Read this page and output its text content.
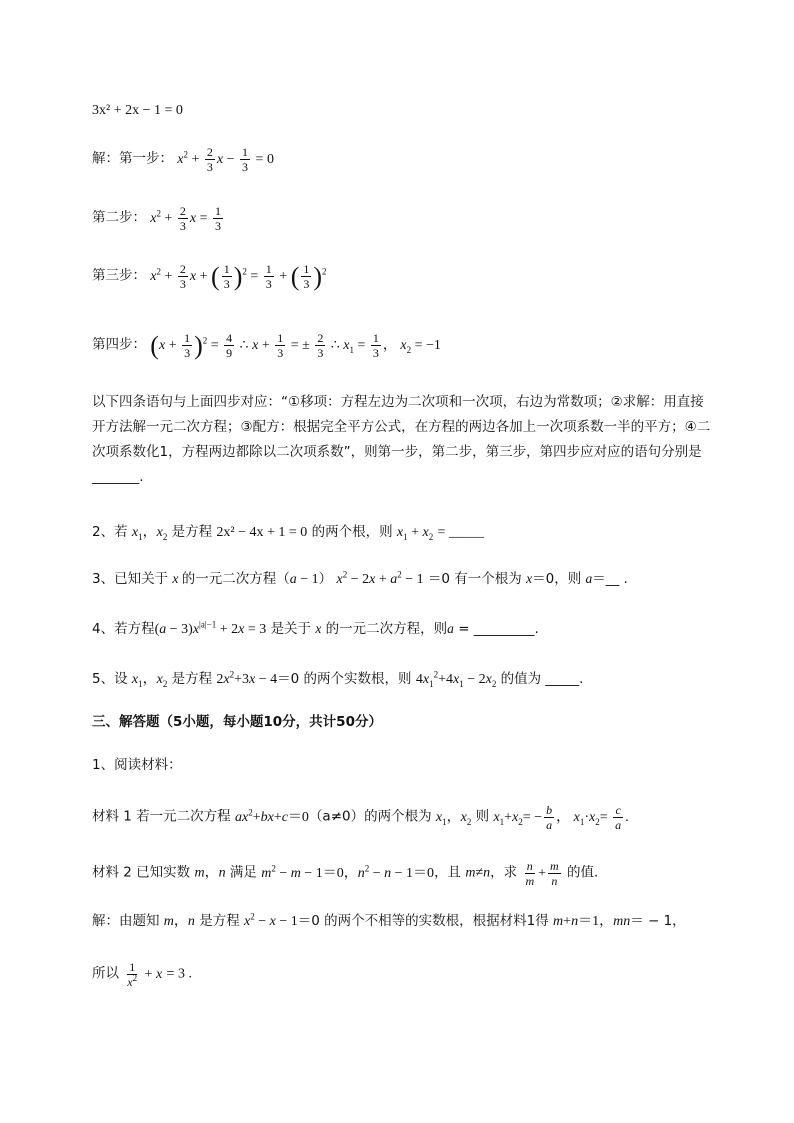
3x² + 2x − 1 = 0
解：第一步： $x^2 + \frac{2}{3}$ $x - \frac{1}{3} = 0$
第二步： $x^2 + \frac{2}{3}$ $x = \frac{1}{3}$
第三步： $x^2 + \frac{2}{3}$ x + ( $\frac{1}{3} )^2 = \frac{1}{3}$ + ( $\frac{1}{3} )^2$
第四步： $(x + \frac{1}{3} )^2 = \frac{4}{9}$ ∴ $x + \frac{1}{3}$ = ± $\frac{2}{3}$ ∴ $x_1 = \frac{1}{3}$ ， $x_2 = -1$
以下四条语句与上面四步对应：“①移项：方程左边为二次项和一次项，右边为常数项；②求解：用直接开方法解一元二次方程；③配方：根据完全平方公式，在方程的两边各加上一次项系数一半的平方；④二次项系数化1，方程两边都除以二次项系数”，则第一步，第二步，第三步，第四步应对应的语句分别是_______.
2、若 $x_1$，$x_2$ 是方程 2x² − 4x + 1 = 0 的两个根，则 $x_1 + x_2$ = _____
3、已知关于 x 的一元二次方程（a − 1） $x^2 - 2x + a^2 - 1 =0$ 有一个根为 x＝0，则 a＝__ .
4、若方程$(a - 3)x^{|a|-1} + 2x = 3$ 是关于 x 的一元二次方程，则a = _________.
5、设 $x_1$，$x_2$ 是方程 $2x^2+3x - 4=0$ 的两个实数根，则 $4x_1^2+4x_1 - 2x_2$ 的值为 _____.
三、解答题（5小题，每小题10分，共计50分）
1、阅读材料：
材料 1 若一元二次方程 $ax^2+bx+c=0(a\ne 0)$的两个根为 $x_1$，$x_2$ 则 $x_1+x_2= - \frac{b}{a}$ ， $x_1\cdot x_2= \frac{c}{a}$ .
材料 2 已知实数 m，n 满足 $m^2 - m - 1=0$，$n^2 - n - 1=0$，且 m≠n，求 $\frac{n}{m} + \frac{m}{n}$ 的值.
解：由题知 m，n 是方程 $x^2 - x - 1=0$ 的两个不相等的实数根，根据材料1得 m+n＝1，mn＝ − 1，
所以 $\frac{1}{x^2} + x = 3$ .
